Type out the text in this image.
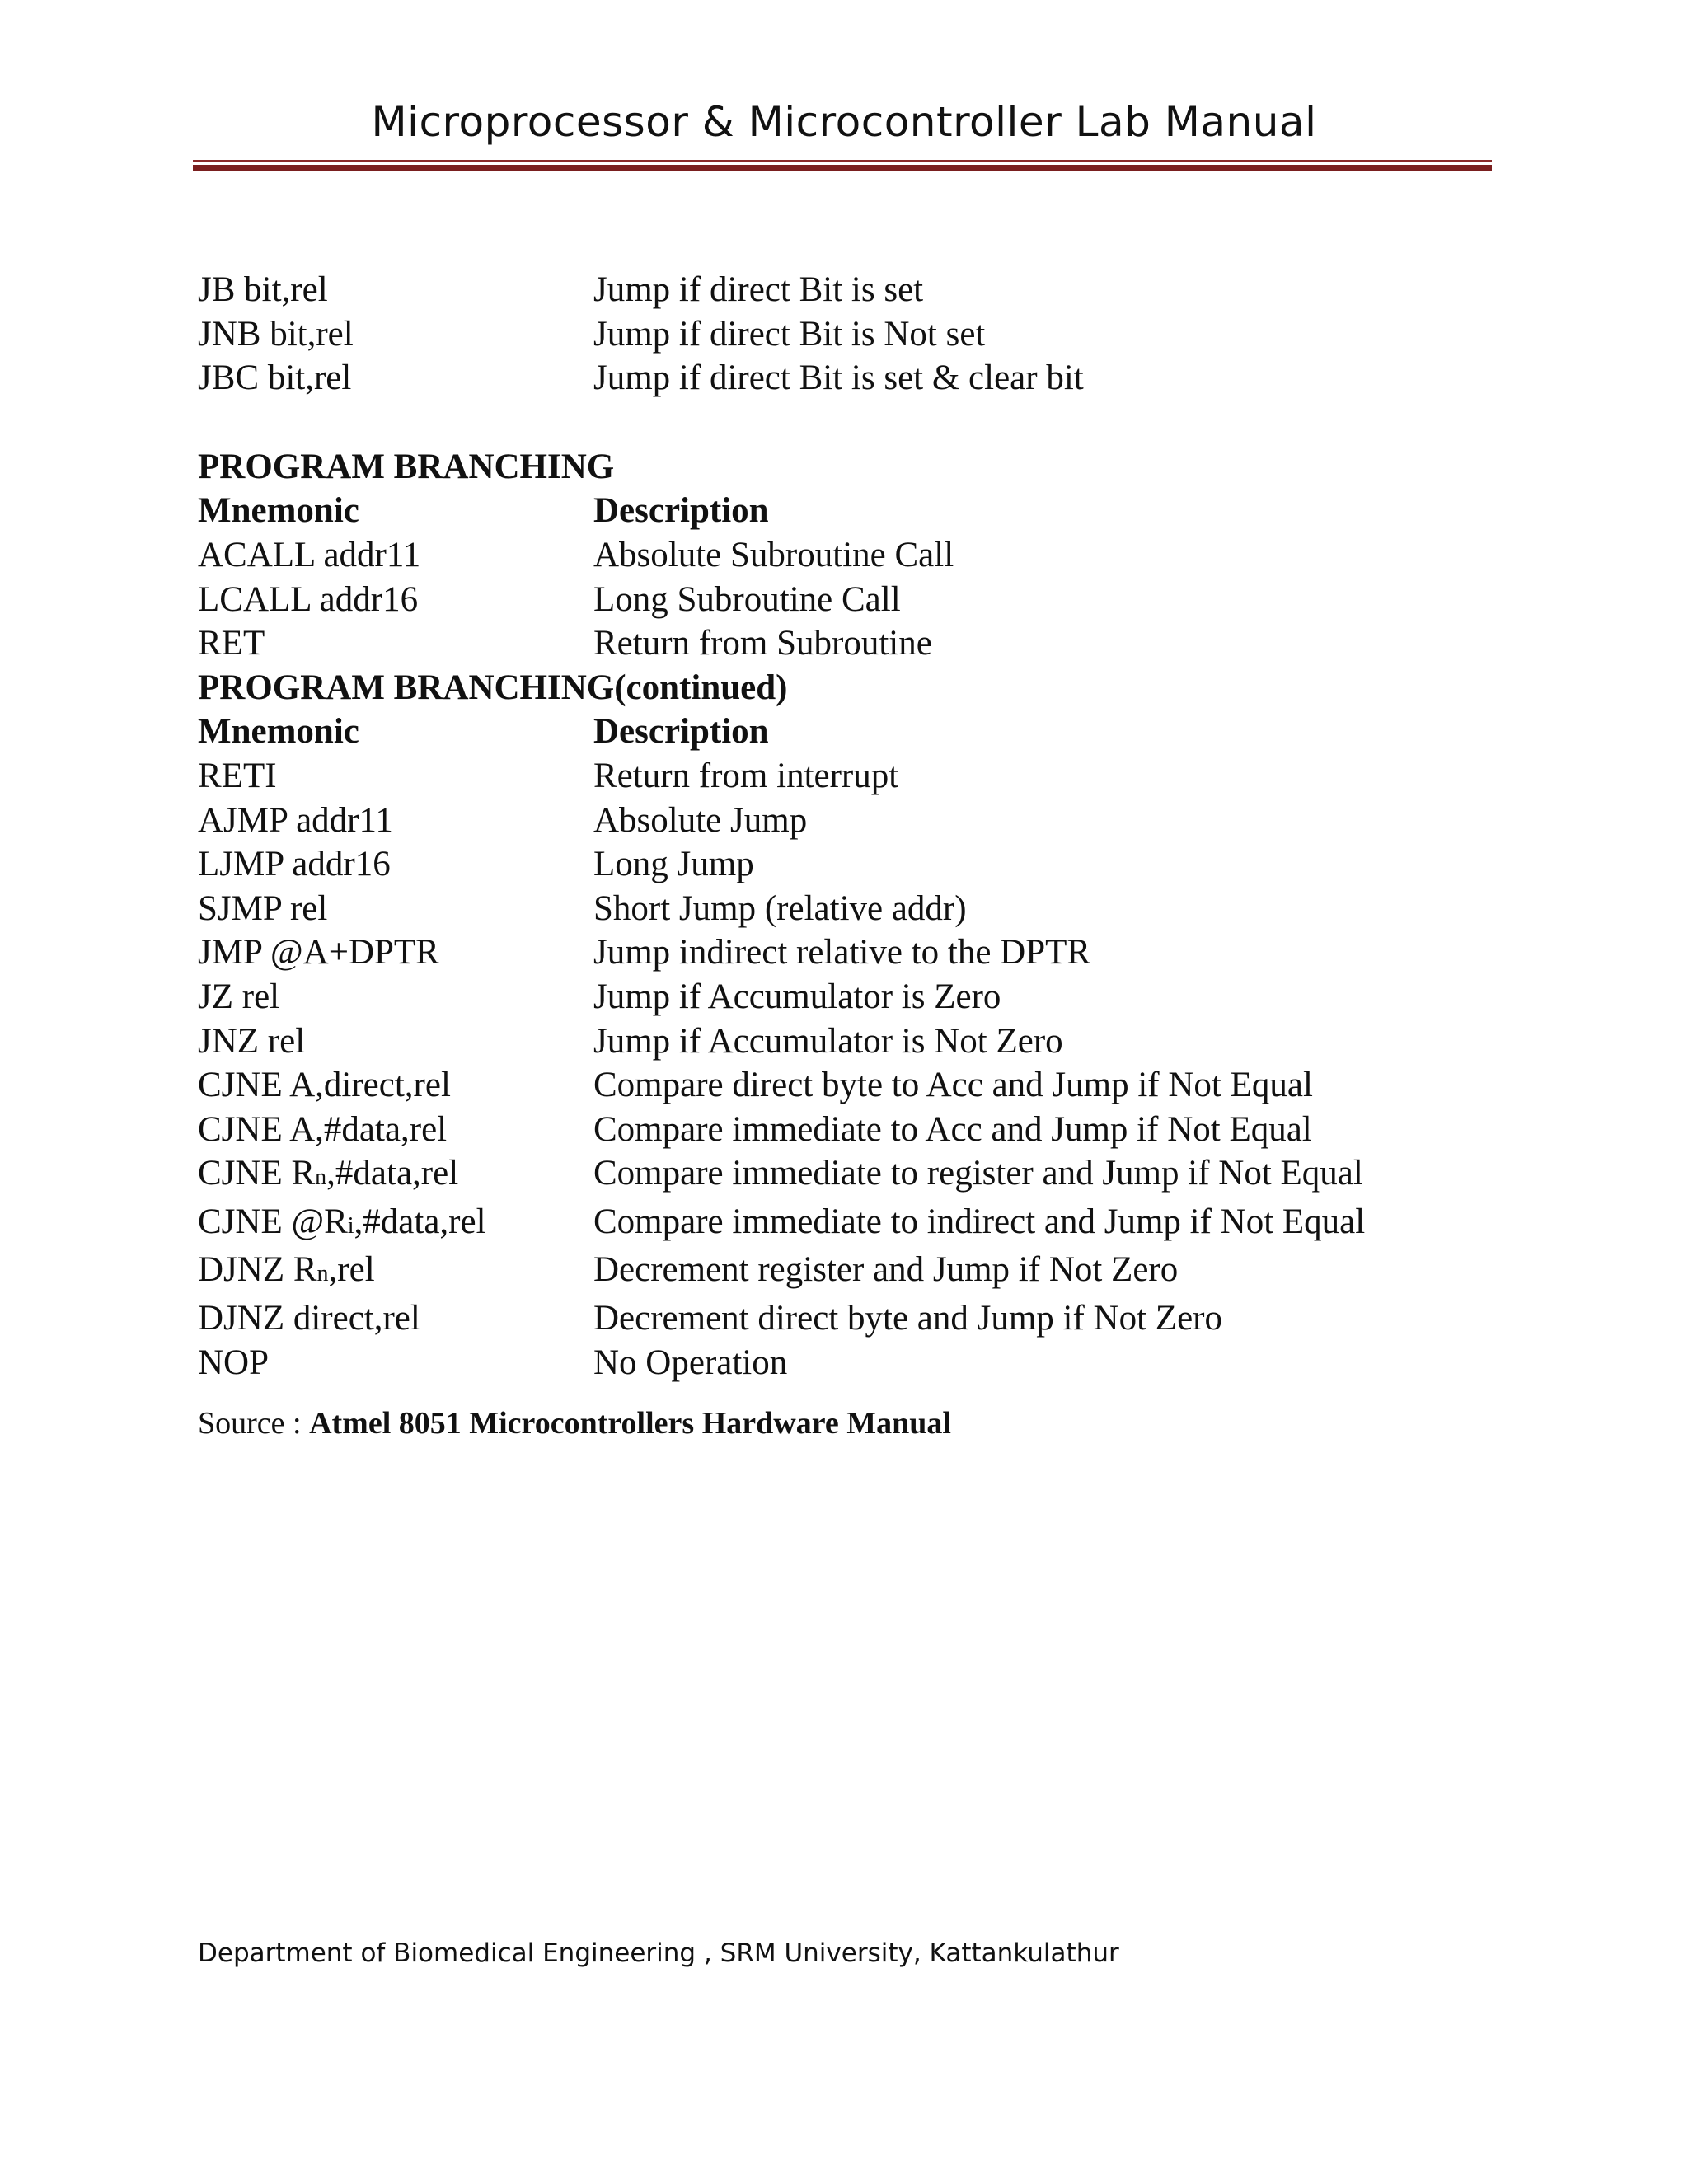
Microprocessor & Microcontroller Lab Manual
JB bit,rel	Jump if direct Bit is set
JNB bit,rel	Jump if direct Bit is Not set
JBC bit,rel	Jump if direct Bit is set & clear bit
PROGRAM BRANCHING
Mnemonic	Description
ACALL addr11	Absolute Subroutine Call
LCALL addr16	Long Subroutine Call
RET	Return from Subroutine
PROGRAM BRANCHING(continued)
Mnemonic	Description
RETI	Return from interrupt
AJMP addr11	Absolute Jump
LJMP addr16	Long Jump
SJMP rel	Short Jump (relative addr)
JMP @A+DPTR	Jump indirect relative to the DPTR
JZ rel	Jump if Accumulator is Zero
JNZ rel	Jump if Accumulator is Not Zero
CJNE A,direct,rel	Compare direct byte to Acc and Jump if Not Equal
CJNE A,#data,rel	Compare immediate to Acc and Jump if Not Equal
CJNE Rn,#data,rel	Compare immediate to register and Jump if Not Equal
CJNE @Ri,#data,rel	Compare immediate to indirect and Jump if Not Equal
DJNZ Rn,rel	Decrement register and Jump if Not Zero
DJNZ direct,rel	Decrement direct byte and Jump if Not Zero
NOP	No Operation
Source : Atmel 8051 Microcontrollers Hardware Manual
Department of Biomedical Engineering , SRM University, Kattankulathur
